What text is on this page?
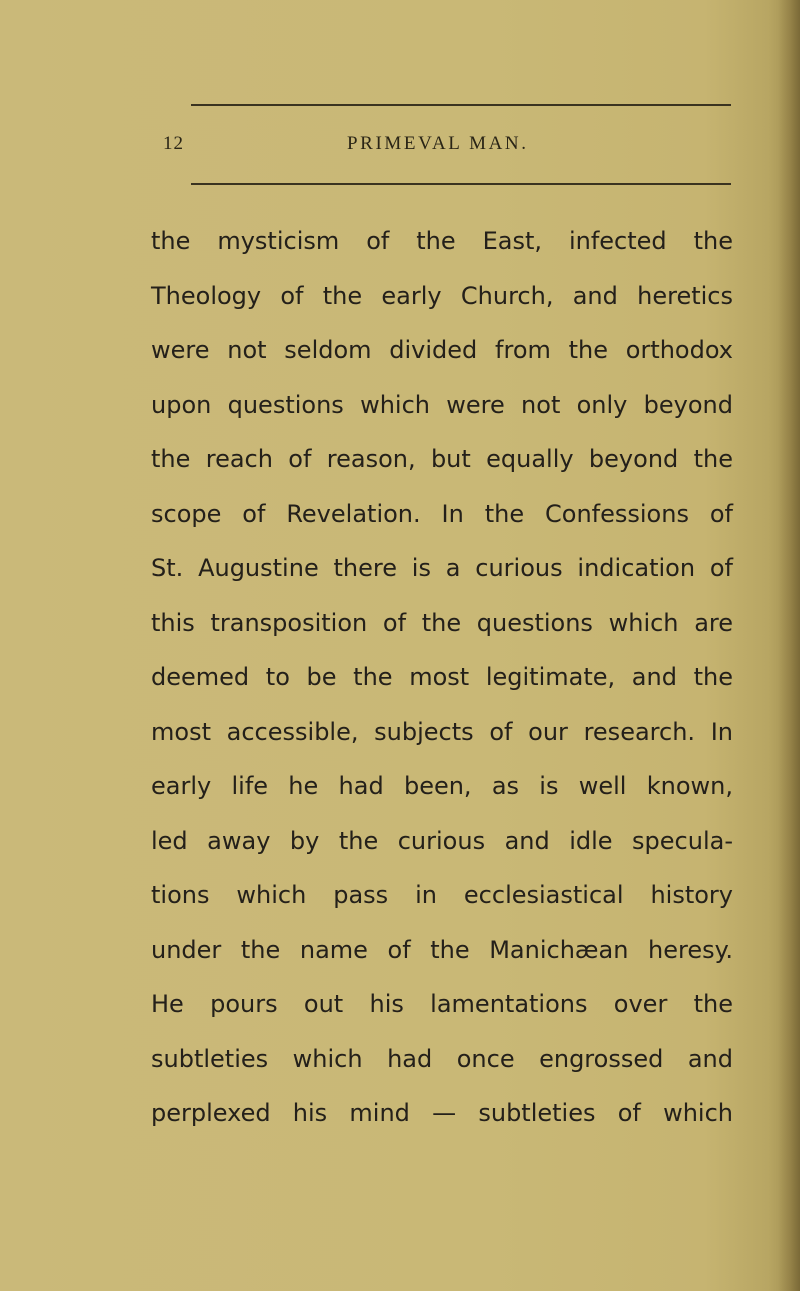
12	PRIMEVAL MAN.
the mysticism of the East, infected the
Theology of the early Church, and heretics
were not seldom divided from the orthodox
upon questions which were not only beyond
the reach of reason, but equally beyond the
scope of Revelation. In the Confessions of
St. Augustine there is a curious indication of
this transposition of the questions which are
deemed to be the most legitimate, and the
most accessible, subjects of our research. In
early life he had been, as is well known,
led away by the curious and idle specula-
tions which pass in ecclesiastical history
under the name of the Manichæan heresy.
He pours out his lamentations over the
subtleties which had once engrossed and
perplexed his mind — subtleties of which
